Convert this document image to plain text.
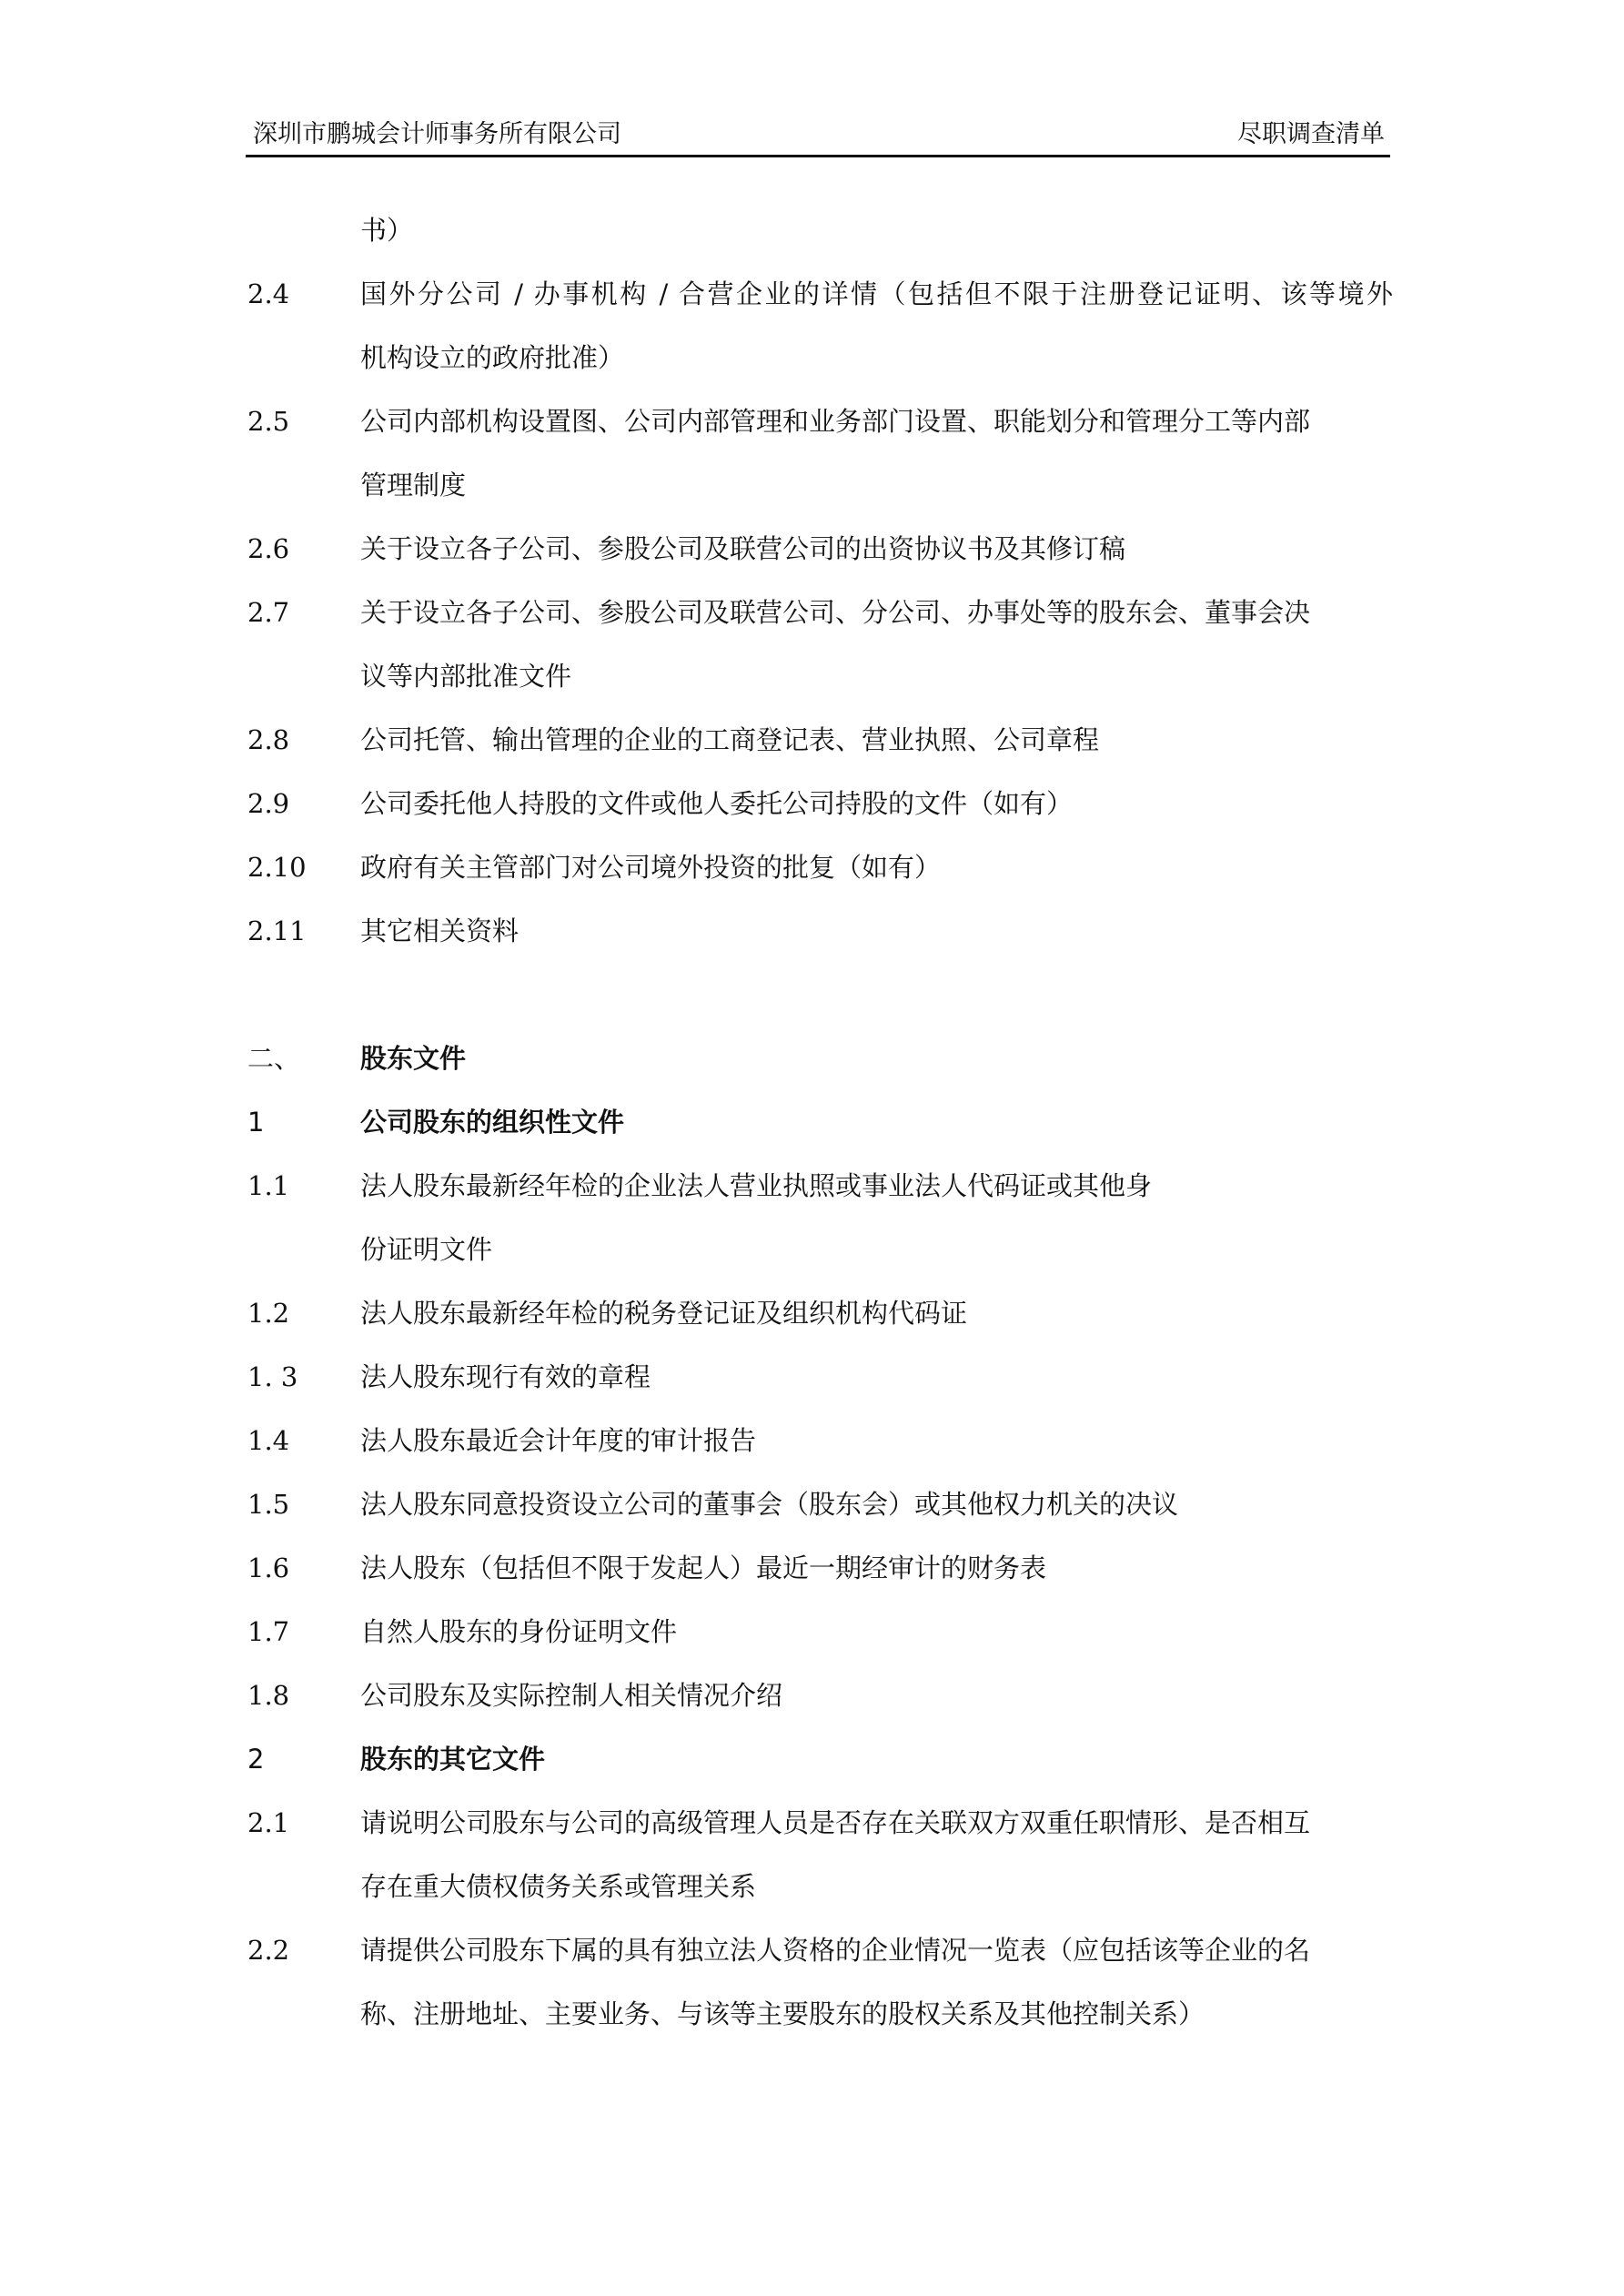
深圳市鹏城会计师事务所有限公司	尽职调查清单
书）
2.4	国外分公司 / 办事机构 / 合营企业的详情（包括但不限于注册登记证明、该等境外
机构设立的政府批准）
2.5	公司内部机构设置图、公司内部管理和业务部门设置、职能划分和管理分工等内部
管理制度
2.6	关于设立各子公司、参股公司及联营公司的出资协议书及其修订稿
2.7	关于设立各子公司、参股公司及联营公司、分公司、办事处等的股东会、董事会决
议等内部批准文件
2.8	公司托管、输出管理的企业的工商登记表、营业执照、公司章程
2.9	公司委托他人持股的文件或他人委托公司持股的文件（如有）
2.10 政府有关主管部门对公司境外投资的批复（如有）
2.11 其它相关资料
二、 股东文件
1	公司股东的组织性文件
1.1	法人股东最新经年检的企业法人营业执照或事业法人代码证或其他身
份证明文件
1.2	法人股东最新经年检的税务登记证及组织机构代码证
1. 3 法人股东现行有效的章程
1.4	法人股东最近会计年度的审计报告
1.5	法人股东同意投资设立公司的董事会（股东会）或其他权力机关的决议
1.6	法人股东（包括但不限于发起人）最近一期经审计的财务表
1.7	自然人股东的身份证明文件
1.8	公司股东及实际控制人相关情况介绍
2	股东的其它文件
2.1	请说明公司股东与公司的高级管理人员是否存在关联双方双重任职情形、是否相互
存在重大债权债务关系或管理关系
2.2	请提供公司股东下属的具有独立法人资格的企业情况一览表（应包括该等企业的名
称、注册地址、主要业务、与该等主要股东的股权关系及其他控制关系）
